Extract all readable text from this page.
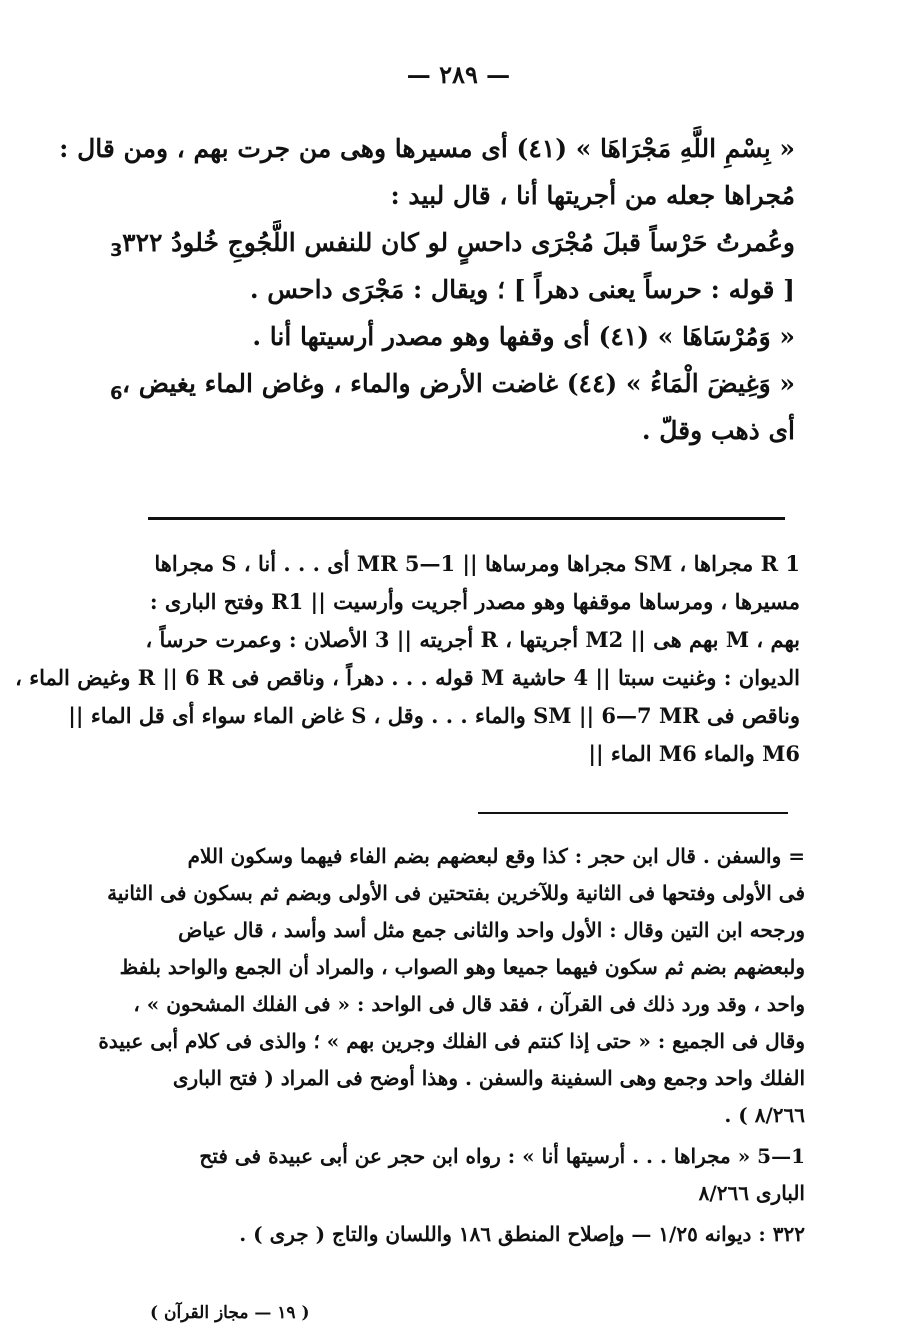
— ٢٨٩ —
« بِسْمِ اللَّهِ مَجْرَاهَا » (٤١) أى مسيرها وهى من جرت بهم ، ومن قال :
مُجراها جعله من أجريتها أنا ، قال لبيد :
وعُمرتُ حَرْساً قبلَ مُجْرَى داحسٍ لو كان للنفس اللَّجُوجِ خُلودُ ٣٢٢
[ قوله : حرساً يعنى دهراً ] ؛ ويقال : مَجْرَى داحس .
« وَمُرْسَاهَا » (٤١) أى وقفها وهو مصدر أرسيتها أنا .
« وَغِيضَ الْمَاءُ » (٤٤) غاضت الأرض والماء ، وغاض الماء يغيض ،
أى ذهب وقلّ .
3
6
R 1 مجراها ، SM مجراها ومرساها || 1—5 MR أى . . . أنا ، S مجراها
مسيرها ، ومرساها موقفها وهو مصدر أجريت وأرسيت || R1 وفتح البارى :
بهم ، M بهم هى || M2 أجريتها ، R أجريته || 3 الأصلان : وعمرت حرساً ،
الديوان : وغنيت سبتا || 4 حاشية M قوله . . . دهراً ، وناقص فى R || 6 R وغيض الماء ،
وناقص فى SM || 6—7 MR والماء . . . وقل ، S غاض الماء سواء أى قل الماء ||
M6 والماء M6 الماء ||
= والسفن . قال ابن حجر : كذا وقع لبعضهم بضم الفاء فيهما وسكون اللام
فى الأولى وفتحها فى الثانية وللآخرين بفتحتين فى الأولى وبضم ثم بسكون فى الثانية
ورجحه ابن التين وقال : الأول واحد والثانى جمع مثل أسد وأسد ، قال عياض
ولبعضهم بضم ثم سكون فيهما جميعا وهو الصواب ، والمراد أن الجمع والواحد بلفظ
واحد ، وقد ورد ذلك فى القرآن ، فقد قال فى الواحد : « فى الفلك المشحون » ،
وقال فى الجميع : « حتى إذا كنتم فى الفلك وجرين بهم » ؛ والذى فى كلام أبى عبيدة
الفلك واحد وجمع وهى السفينة والسفن . وهذا أوضح فى المراد ( فتح البارى
٨/٢٦٦ ) .
1—5 « مجراها . . . أرسيتها أنا » : رواه ابن حجر عن أبى عبيدة فى فتح
البارى ٨/٢٦٦
٣٢٢ : ديوانه ١/٢٥ — وإصلاح المنطق ١٨٦ واللسان والتاج ( جرى ) .
( ١٩ — مجاز القرآن )
